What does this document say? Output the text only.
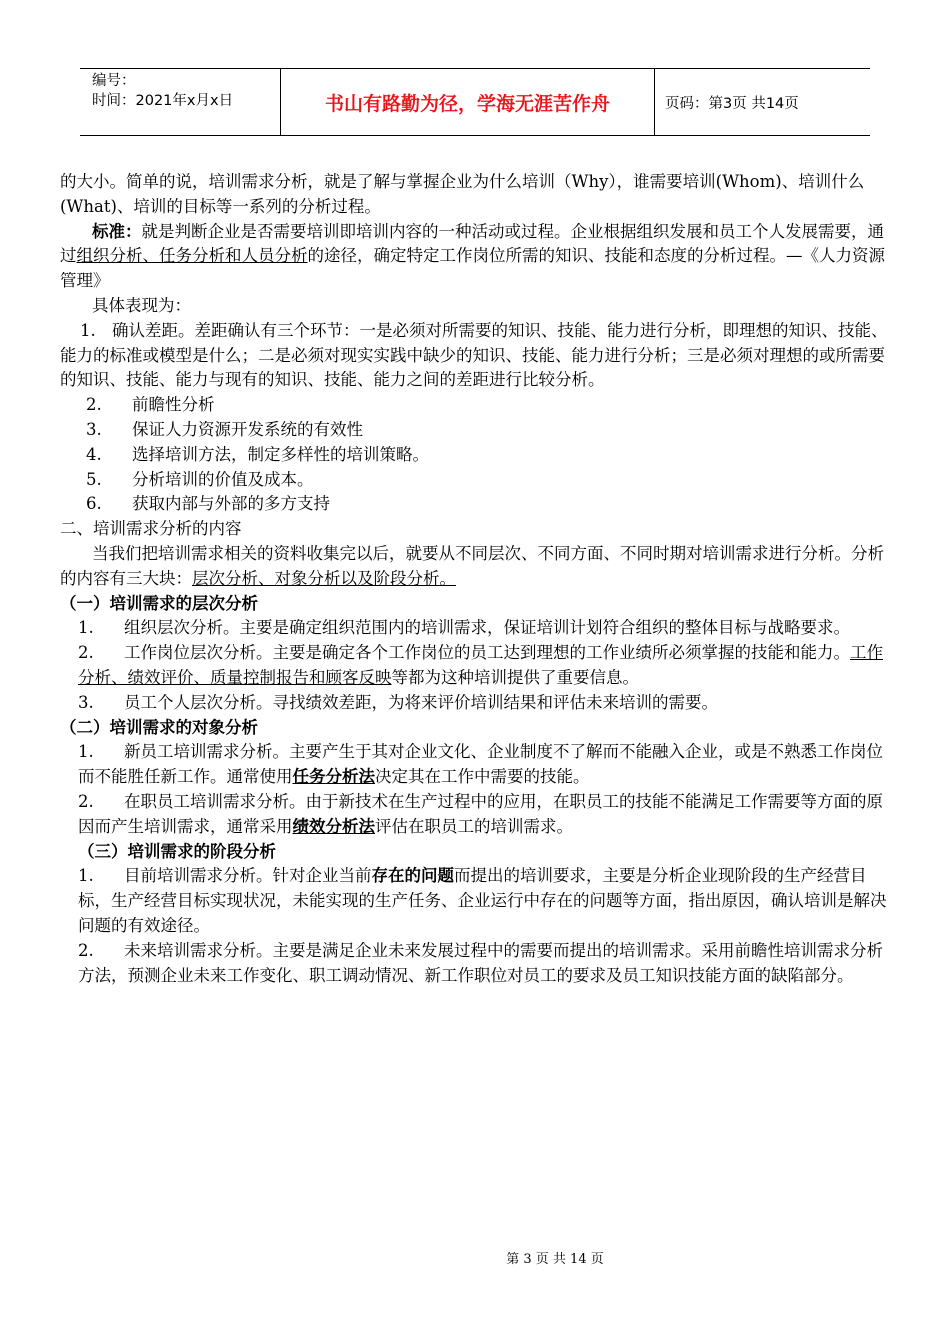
编号：
时间：2021年x月x日	书山有路勤为径，学海无涯苦作舟	页码：第3页 共14页

的大小。简单的说，培训需求分析，就是了解与掌握企业为什么培训（Why），谁需要培训(Whom)、培训什么(What)、培训的目标等一系列的分析过程。

标准：就是判断企业是否需要培训即培训内容的一种活动或过程。企业根据组织发展和员工个人发展需要，通过组织分析、任务分析和人员分析的途径，确定特定工作岗位所需的知识、技能和态度的分析过程。—《人力资源管理》

具体表现为：

1. 确认差距。差距确认有三个环节：一是必须对所需要的知识、技能、能力进行分析，即理想的知识、技能、能力的标准或模型是什么；二是必须对现实实践中缺少的知识、技能、能力进行分析；三是必须对理想的或所需要的知识、技能、能力与现有的知识、技能、能力之间的差距进行比较分析。

2. 前瞻性分析

3. 保证人力资源开发系统的有效性

4. 选择培训方法，制定多样性的培训策略。

5. 分析培训的价值及成本。

6. 获取内部与外部的多方支持

二、培训需求分析的内容

当我们把培训需求相关的资料收集完以后，就要从不同层次、不同方面、不同时期对培训需求进行分析。分析的内容有三大块：层次分析、对象分析以及阶段分析。

（一）培训需求的层次分析

1. 组织层次分析。主要是确定组织范围内的培训需求，保证培训计划符合组织的整体目标与战略要求。

2. 工作岗位层次分析。主要是确定各个工作岗位的员工达到理想的工作业绩所必须掌握的技能和能力。工作分析、绩效评价、质量控制报告和顾客反映等都为这种培训提供了重要信息。

3. 员工个人层次分析。寻找绩效差距，为将来评价培训结果和评估未来培训的需要。

（二）培训需求的对象分析

1. 新员工培训需求分析。主要产生于其对企业文化、企业制度不了解而不能融入企业，或是不熟悉工作岗位而不能胜任新工作。通常使用任务分析法决定其在工作中需要的技能。

2. 在职员工培训需求分析。由于新技术在生产过程中的应用，在职员工的技能不能满足工作需要等方面的原因而产生培训需求，通常采用绩效分析法评估在职员工的培训需求。

（三）培训需求的阶段分析

1. 目前培训需求分析。针对企业当前存在的问题而提出的培训要求，主要是分析企业现阶段的生产经营目标，生产经营目标实现状况，未能实现的生产任务、企业运行中存在的问题等方面，指出原因，确认培训是解决问题的有效途径。

2. 未来培训需求分析。主要是满足企业未来发展过程中的需要而提出的培训需求。采用前瞻性培训需求分析方法，预测企业未来工作变化、职工调动情况、新工作职位对员工的要求及员工知识技能方面的缺陷部分。

第 3 页 共 14 页
